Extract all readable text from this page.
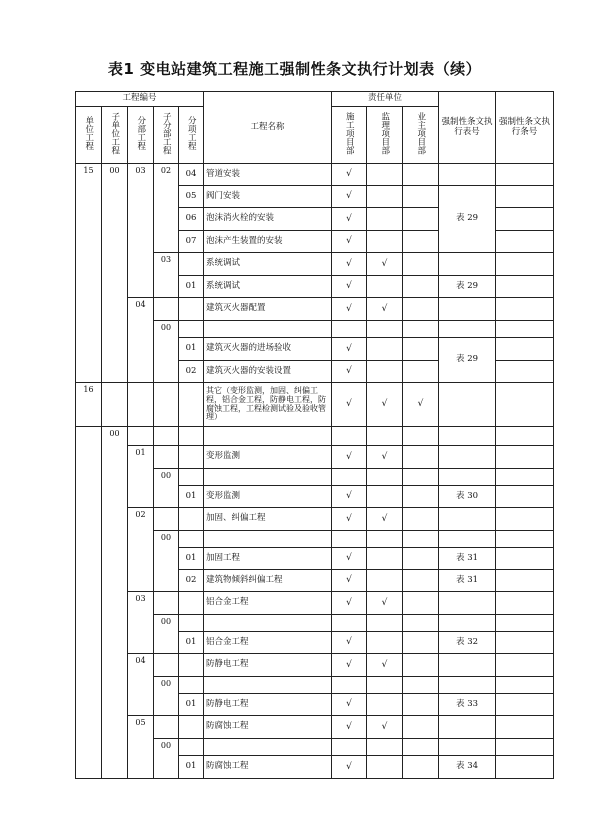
表1 变电站建筑工程施工强制性条文执行计划表（续）
工程编号					工程名称	责任单位			强制性条文执行表号	强制性条文执行条号
单位工程	子单位工程	分部工程	子分部工程	分项工程		施工项目部	监理项目部	业主项目部		
15	00	03	02	04	管道安装	√				
				05	阀门安装	√			表 29	
				06	泡沫消火栓的安装	√				
				07	泡沫产生装置的安装	√				
			03		系统调试	√	√			
				01	系统调试	√			表 29	
		04			建筑灭火器配置	√	√			
			00							
				01	建筑灭火器的进场验收	√			表 29	
				02	建筑灭火器的安装设置	√				
16					其它（变形监测，加固、纠偏工程，铝合金工程，防静电工程，防腐蚀工程，工程检测试验及验收管理）	√	√	√		
	00									
		01			变形监测	√	√			
			00							
				01	变形监测	√			表 30	
		02			加固、纠偏工程	√	√			
			00							
				01	加固工程	√			表 31	
				02	建筑物倾斜纠偏工程	√			表 31	
		03			铝合金工程	√	√			
			00							
				01	铝合金工程	√			表 32	
		04			防静电工程	√	√			
			00							
				01	防静电工程	√			表 33	
		05			防腐蚀工程	√	√			
			00							
				01	防腐蚀工程	√			表 34	
